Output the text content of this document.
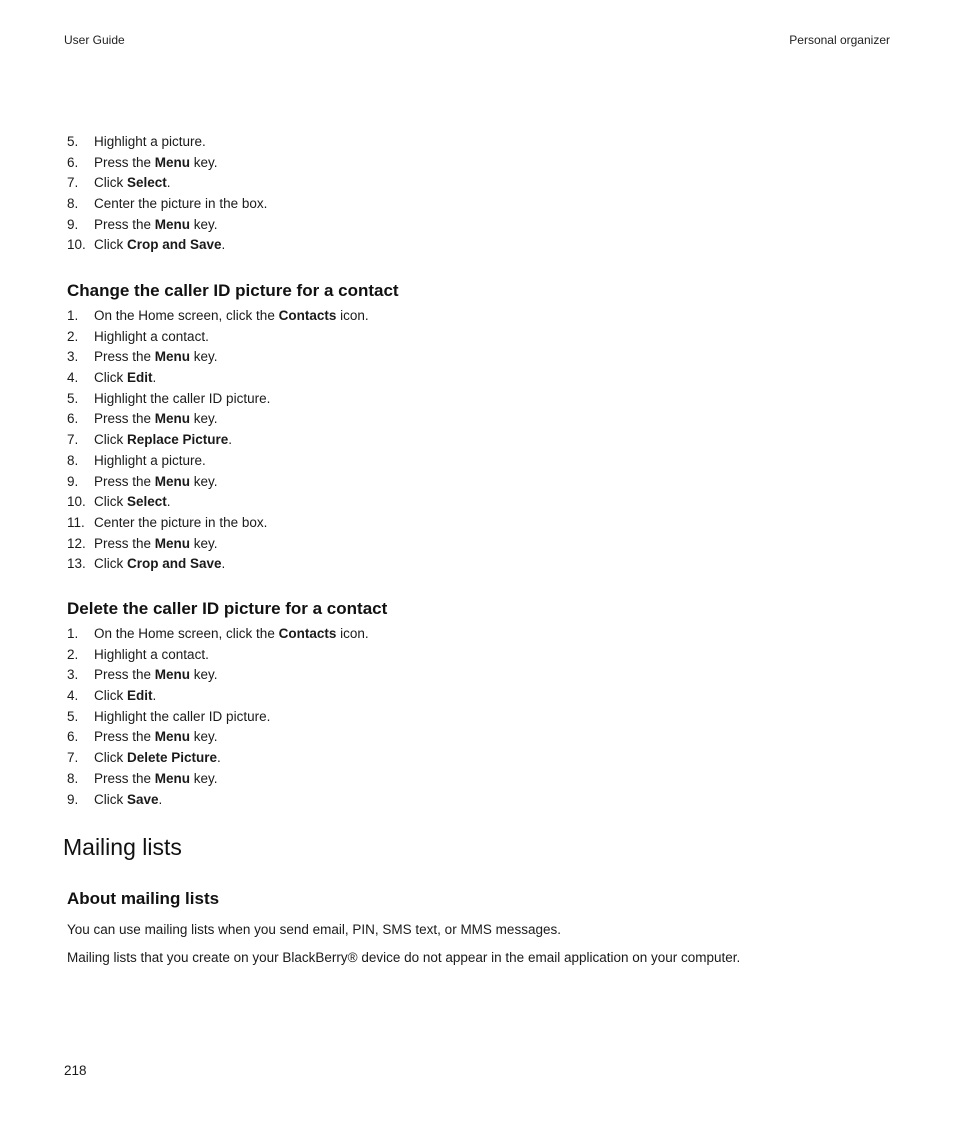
User Guide	Personal organizer
5. Highlight a picture.
6. Press the Menu key.
7. Click Select.
8. Center the picture in the box.
9. Press the Menu key.
10. Click Crop and Save.
Change the caller ID picture for a contact
1. On the Home screen, click the Contacts icon.
2. Highlight a contact.
3. Press the Menu key.
4. Click Edit.
5. Highlight the caller ID picture.
6. Press the Menu key.
7. Click Replace Picture.
8. Highlight a picture.
9. Press the Menu key.
10. Click Select.
11. Center the picture in the box.
12. Press the Menu key.
13. Click Crop and Save.
Delete the caller ID picture for a contact
1. On the Home screen, click the Contacts icon.
2. Highlight a contact.
3. Press the Menu key.
4. Click Edit.
5. Highlight the caller ID picture.
6. Press the Menu key.
7. Click Delete Picture.
8. Press the Menu key.
9. Click Save.
Mailing lists
About mailing lists

You can use mailing lists when you send email, PIN, SMS text, or MMS messages.

Mailing lists that you create on your BlackBerry® device do not appear in the email application on your computer.

218
